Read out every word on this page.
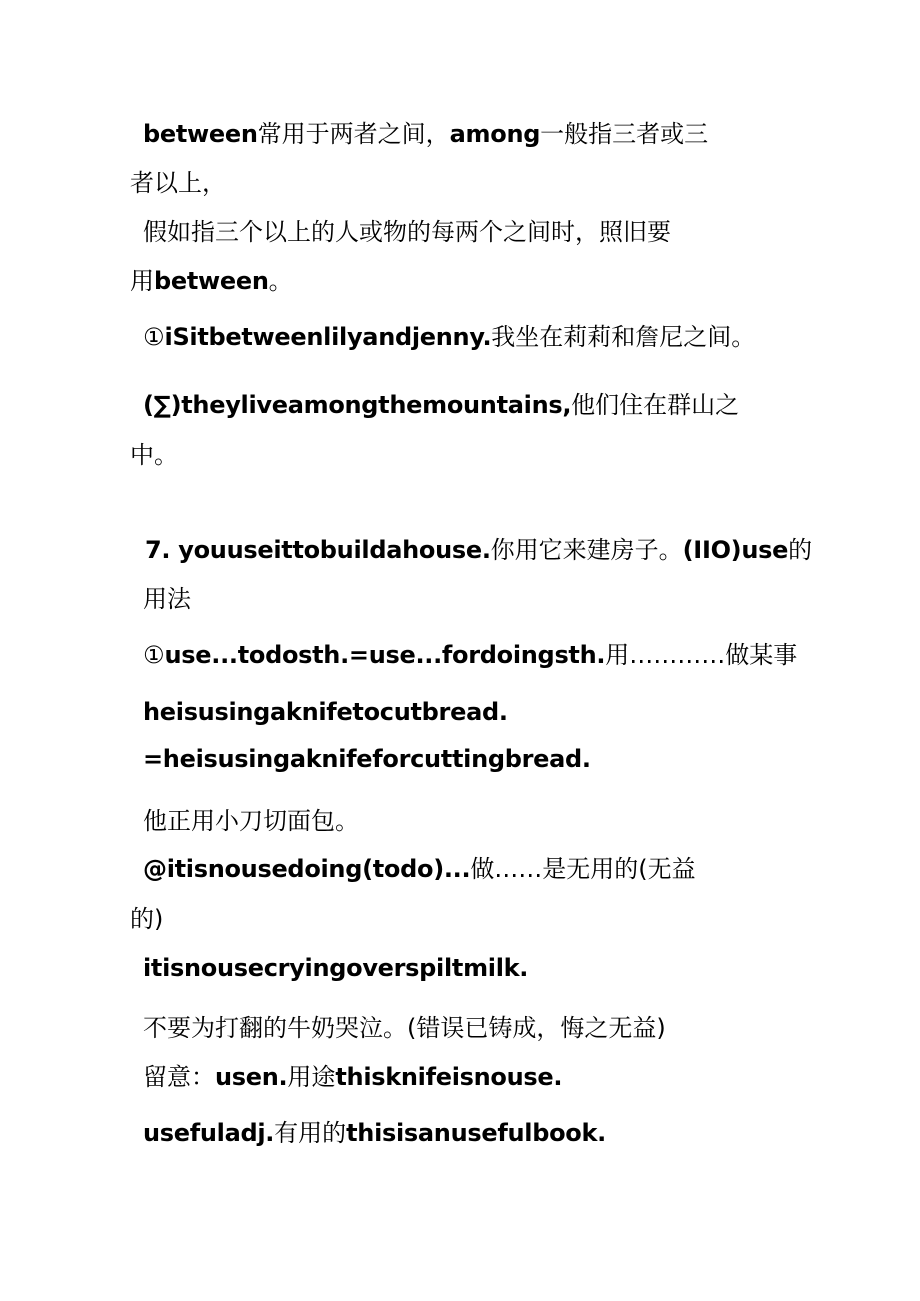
between常用于两者之间，among一般指三者或三
者以上，
假如指三个以上的人或物的每两个之间时，照旧要
用between。
①iSitbetweenlilyandjenny.我坐在莉莉和詹尼之间。
(∑)theyliveamongthemountains,他们住在群山之
中。
7. youuseittobuildahouse.你用它来建房子。(IIO)use的
用法
①use...todosth.=use...fordoingsth.用…………做某事
heisusingaknifetocutbread.
=heisusingaknifeforcuttingbread.
他正用小刀切面包。
@itisnousedoing(todo)...做……是无用的(无益
的)
itisnousecryingoverspiltmilk.
不要为打翻的牛奶哭泣。(错误已铸成，悔之无益)
留意：usen.用途thisknifeisnouse.
usefuladj.有用的thisisanusefulbook.
